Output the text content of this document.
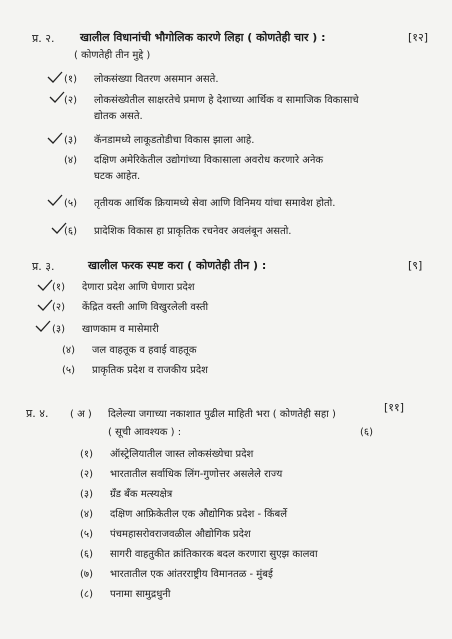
प्र. २. खालील विधानांची भौगोलिक कारणे लिहा ( कोणतेही चार ) :	[१२]
( कोणतेही तीन मुद्दे )
(१) लोकसंख्या वितरण असमान असते.
(२) लोकसंख्येतील साक्षरतेचे प्रमाण हे देशाच्या आर्थिक व सामाजिक विकासाचे
द्योतक असते.
(३) कॅनडामध्ये लाकूडतोडीचा विकास झाला आहे.
(४) दक्षिण अमेरिकेतील उद्योगांच्या विकासाला अवरोध करणारे अनेक
घटक आहेत.
(५) तृतीयक आर्थिक क्रियामध्ये सेवा आणि विनिमय यांचा समावेश होतो.
(६) प्रादेशिक विकास हा प्राकृतिक रचनेवर अवलंबून असतो.
प्र. ३.	खालील फरक स्पष्ट करा ( कोणतेही तीन ) :	[९]
(१) देणारा प्रदेश आणि घेणारा प्रदेश
(२) केंद्रित वस्ती आणि विखुरलेली वस्ती
(३) खाणकाम व मासेमारी
(४) जल वाहतूक व हवाई वाहतूक
(५) प्राकृतिक प्रदेश व राजकीय प्रदेश
प्र. ४. ( अ ) दिलेल्या जगाच्या नकाशात पुढील माहिती भरा ( कोणतेही सहा )
[११]
( सूची आवश्यक ) :	(६)
(१) ऑस्ट्रेलियातील जास्त लोकसंख्येचा प्रदेश
(२) भारतातील सर्वाधिक लिंग-गुणोत्तर असलेले राज्य
(३) ग्रँड बँक मत्स्यक्षेत्र
(४) दक्षिण आफ्रिकेतील एक औद्योगिक प्रदेश - किंबर्ले
(५) पंचमहासरोवराजवळील औद्योगिक प्रदेश
(६) सागरी वाहतुकीत क्रांतिकारक बदल करणारा सुएझ कालवा
(७) भारतातील एक आंतरराष्ट्रीय विमानतळ - मुंबई
(८) पनामा सामुद्रधुनी
